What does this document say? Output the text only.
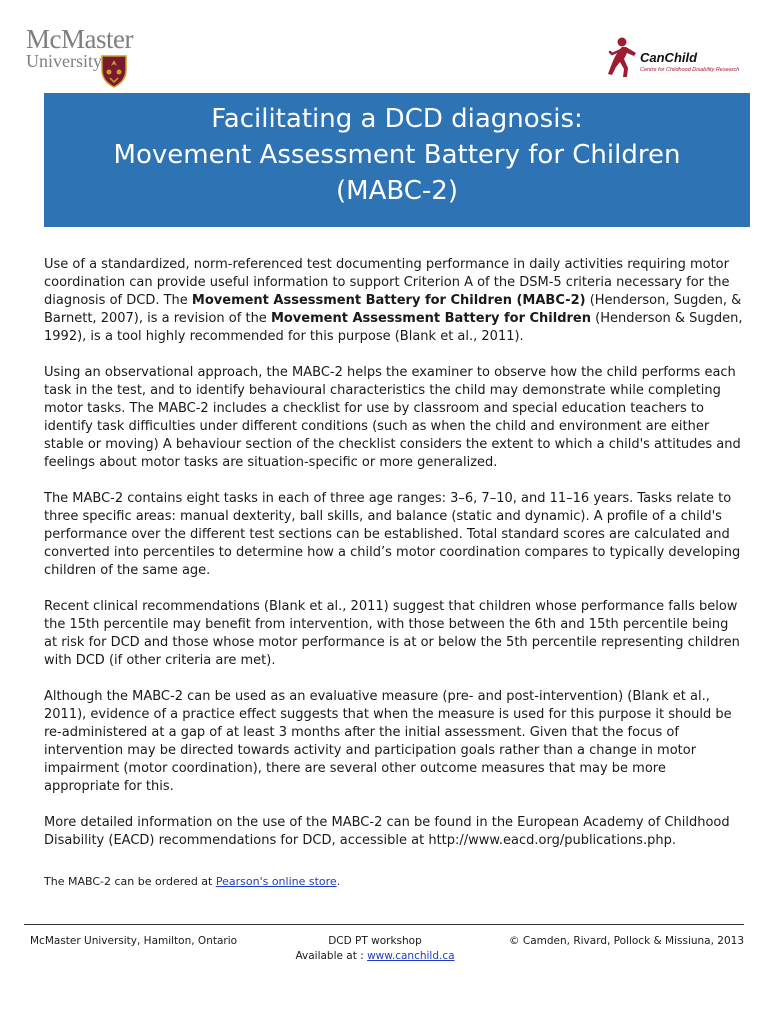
McMaster
University	CanChild
Centre for Childhood Disability Research
Facilitating a DCD diagnosis:
Movement Assessment Battery for Children
(MABC-2)

Use of a standardized, norm-referenced test documenting performance in daily activities requiring motor coordination can provide useful information to support Criterion A of the DSM-5 criteria necessary for the diagnosis of DCD. The Movement Assessment Battery for Children (MABC-2) (Henderson, Sugden, & Barnett, 2007), is a revision of the Movement Assessment Battery for Children (Henderson & Sugden, 1992), is a tool highly recommended for this purpose (Blank et al., 2011).

Using an observational approach, the MABC-2 helps the examiner to observe how the child performs each task in the test, and to identify behavioural characteristics the child may demonstrate while completing motor tasks. The MABC-2 includes a checklist for use by classroom and special education teachers to identify task difficulties under different conditions (such as when the child and environment are either stable or moving) A behaviour section of the checklist considers the extent to which a child's attitudes and feelings about motor tasks are situation-specific or more generalized.

The MABC-2 contains eight tasks in each of three age ranges: 3–6, 7–10, and 11–16 years. Tasks relate to three specific areas: manual dexterity, ball skills, and balance (static and dynamic). A profile of a child's performance over the different test sections can be established. Total standard scores are calculated and converted into percentiles to determine how a child’s motor coordination compares to typically developing children of the same age.

Recent clinical recommendations (Blank et al., 2011) suggest that children whose performance falls below the 15th percentile may benefit from intervention, with those between the 6th and 15th percentile being at risk for DCD and those whose motor performance is at or below the 5th percentile representing children with DCD (if other criteria are met).

Although the MABC-2 can be used as an evaluative measure (pre- and post-intervention) (Blank et al., 2011), evidence of a practice effect suggests that when the measure is used for this purpose it should be re-administered at a gap of at least 3 months after the initial assessment. Given that the focus of intervention may be directed towards activity and participation goals rather than a change in motor impairment (motor coordination), there are several other outcome measures that may be more appropriate for this.

More detailed information on the use of the MABC-2 can be found in the European Academy of Childhood Disability (EACD) recommendations for DCD, accessible at http://www.eacd.org/publications.php.

The MABC-2 can be ordered at Pearson's online store.
McMaster University, Hamilton, Ontario	DCD PT workshop
Available at : www.canchild.ca
© Camden, Rivard, Pollock & Missiuna, 2013
